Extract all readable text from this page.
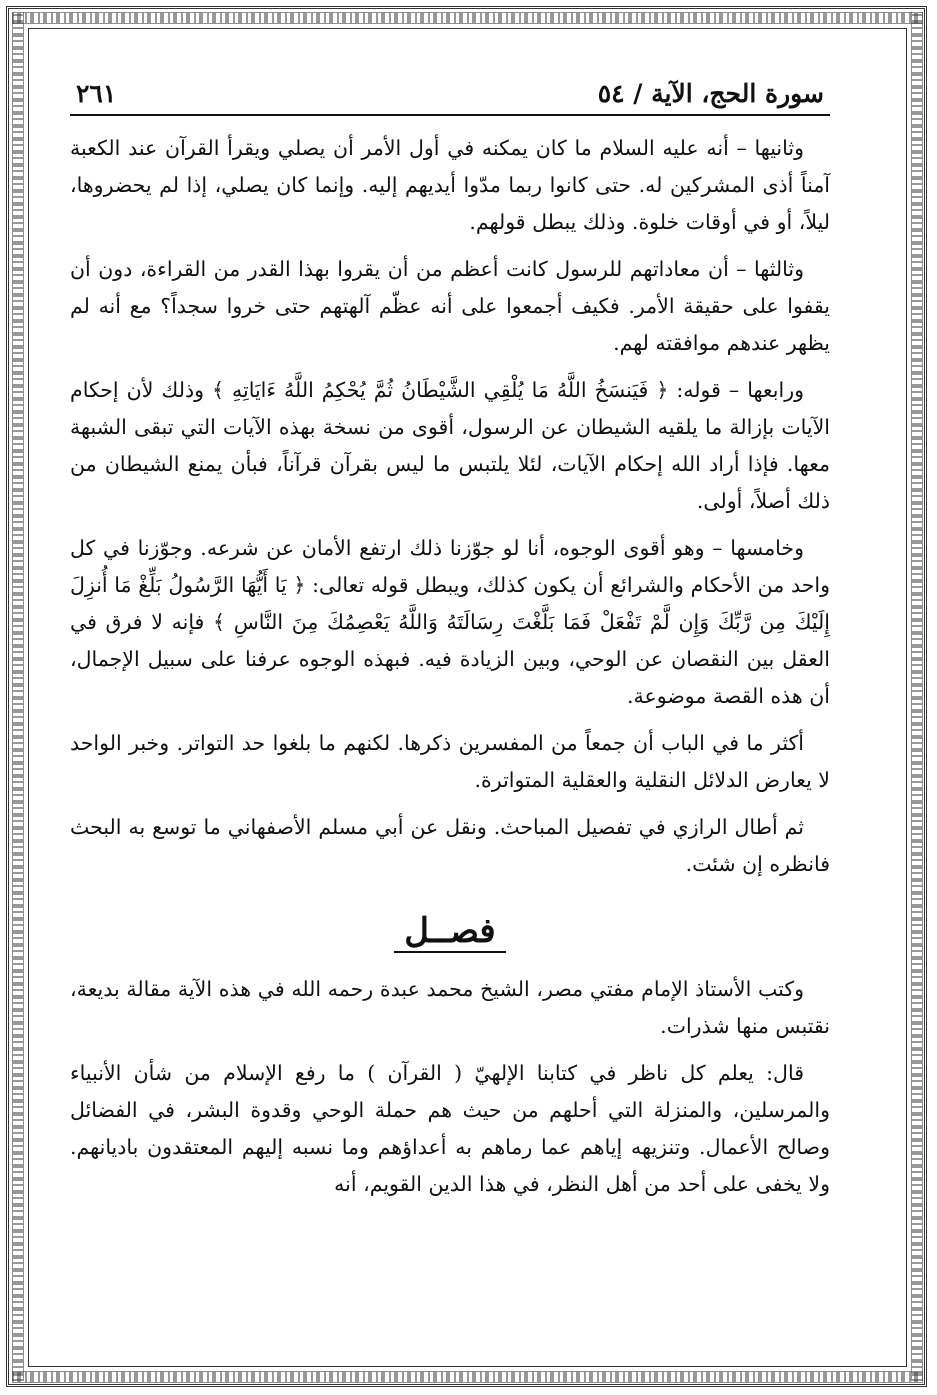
سورة الحج، الآية / ٥٤
٢٦١

وثانيها – أنه عليه السلام ما كان يمكنه في أول الأمر أن يصلي ويقرأ القرآن عند الكعبة آمناً أذى المشركين له. حتى كانوا ربما مدّوا أيديهم إليه. وإنما كان يصلي، إذا لم يحضروها، ليلاً، أو في أوقات خلوة. وذلك يبطل قولهم.

وثالثها – أن معاداتهم للرسول كانت أعظم من أن يقروا بهذا القدر من القراءة، دون أن يقفوا على حقيقة الأمر. فكيف أجمعوا على أنه عظّم آلهتهم حتى خروا سجداً؟ مع أنه لم يظهر عندهم موافقته لهم.

ورابعها – قوله: ﴿ فَيَنسَخُ اللَّهُ مَا يُلْقِي الشَّيْطَانُ ثُمَّ يُحْكِمُ اللَّهُ ءَايَاتِهِ ﴾ وذلك لأن إحكام الآيات بإزالة ما يلقيه الشيطان عن الرسول، أقوى من نسخة بهذه الآيات التي تبقى الشبهة معها. فإذا أراد الله إحكام الآيات، لئلا يلتبس ما ليس بقرآن قرآناً، فبأن يمنع الشيطان من ذلك أصلاً، أولى.

وخامسها – وهو أقوى الوجوه، أنا لو جوّزنا ذلك ارتفع الأمان عن شرعه. وجوّزنا في كل واحد من الأحكام والشرائع أن يكون كذلك، ويبطل قوله تعالى: ﴿ يَا أَيُّهَا الرَّسُولُ بَلِّغْ مَا أُنزِلَ إِلَيْكَ مِن رَّبِّكَ وَإِن لَّمْ تَفْعَلْ فَمَا بَلَّغْتَ رِسَالَتَهُ وَاللَّهُ يَعْصِمُكَ مِنَ النَّاسِ ﴾ فإنه لا فرق في العقل بين النقصان عن الوحي، وبين الزيادة فيه. فبهذه الوجوه عرفنا على سبيل الإجمال، أن هذه القصة موضوعة.

أكثر ما في الباب أن جمعاً من المفسرين ذكرها. لكنهم ما بلغوا حد التواتر. وخبر الواحد لا يعارض الدلائل النقلية والعقلية المتواترة.

ثم أطال الرازي في تفصيل المباحث. ونقل عن أبي مسلم الأصفهاني ما توسع به البحث فانظره إن شئت.

فصــل

وكتب الأستاذ الإمام مفتي مصر، الشيخ محمد عبدة رحمه الله في هذه الآية مقالة بديعة، نقتبس منها شذرات.

قال: يعلم كل ناظر في كتابنا الإلهيّ ( القرآن ) ما رفع الإسلام من شأن الأنبياء والمرسلين، والمنزلة التي أحلهم من حيث هم حملة الوحي وقدوة البشر، في الفضائل وصالح الأعمال. وتنزيهه إياهم عما رماهم به أعداؤهم وما نسبه إليهم المعتقدون باديانهم. ولا يخفى على أحد من أهل النظر، في هذا الدين القويم، أنه
